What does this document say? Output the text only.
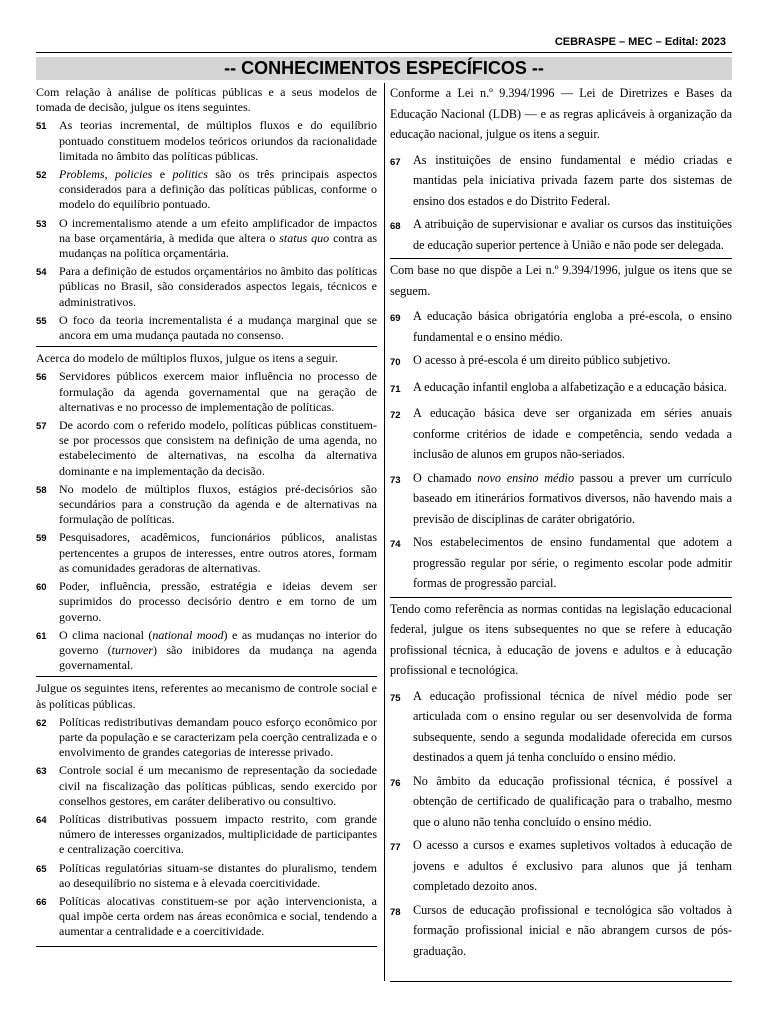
CEBRASPE – MEC – Edital: 2023
-- CONHECIMENTOS ESPECÍFICOS --
Com relação à análise de políticas públicas e a seus modelos de tomada de decisão, julgue os itens seguintes.
51	As teorias incremental, de múltiplos fluxos e do equilíbrio pontuado constituem modelos teóricos oriundos da racionalidade limitada no âmbito das políticas públicas.
52	Problems, policies e politics são os três principais aspectos considerados para a definição das políticas públicas, conforme o modelo do equilíbrio pontuado.
53	O incrementalismo atende a um efeito amplificador de impactos na base orçamentária, à medida que altera o status quo contra as mudanças na política orçamentária.
54	Para a definição de estudos orçamentários no âmbito das políticas públicas no Brasil, são considerados aspectos legais, técnicos e administrativos.
55	O foco da teoria incrementalista é a mudança marginal que se ancora em uma mudança pautada no consenso.
Acerca do modelo de múltiplos fluxos, julgue os itens a seguir.
56	Servidores públicos exercem maior influência no processo de formulação da agenda governamental que na geração de alternativas e no processo de implementação de políticas.
57	De acordo com o referido modelo, políticas públicas constituem-se por processos que consistem na definição de uma agenda, no estabelecimento de alternativas, na escolha da alternativa dominante e na implementação da decisão.
58	No modelo de múltiplos fluxos, estágios pré-decisórios são secundários para a construção da agenda e de alternativas na formulação de políticas.
59	Pesquisadores, acadêmicos, funcionários públicos, analistas pertencentes a grupos de interesses, entre outros atores, formam as comunidades geradoras de alternativas.
60	Poder, influência, pressão, estratégia e ideias devem ser suprimidos do processo decisório dentro e em torno de um governo.
61	O clima nacional (national mood) e as mudanças no interior do governo (turnover) são inibidores da mudança na agenda governamental.
Julgue os seguintes itens, referentes ao mecanismo de controle social e às políticas públicas.
62	Políticas redistributivas demandam pouco esforço econômico por parte da população e se caracterizam pela coerção centralizada e o envolvimento de grandes categorias de interesse privado.
63	Controle social é um mecanismo de representação da sociedade civil na fiscalização das políticas públicas, sendo exercido por conselhos gestores, em caráter deliberativo ou consultivo.
64	Políticas distributivas possuem impacto restrito, com grande número de interesses organizados, multiplicidade de participantes e centralização coercitiva.
65	Políticas regulatórias situam-se distantes do pluralismo, tendem ao desequilíbrio no sistema e à elevada coercitividade.
66	Políticas alocativas constituem-se por ação intervencionista, a qual impõe certa ordem nas áreas econômica e social, tendendo a aumentar a centralidade e a coercitividade.
Conforme a Lei n.º 9.394/1996 — Lei de Diretrizes e Bases da Educação Nacional (LDB) — e as regras aplicáveis à organização da educação nacional, julgue os itens a seguir.
67	As instituições de ensino fundamental e médio criadas e mantidas pela iniciativa privada fazem parte dos sistemas de ensino dos estados e do Distrito Federal.
68	A atribuição de supervisionar e avaliar os cursos das instituições de educação superior pertence à União e não pode ser delegada.
Com base no que dispõe a Lei n.º 9.394/1996, julgue os itens que se seguem.
69	A educação básica obrigatória engloba a pré-escola, o ensino fundamental e o ensino médio.
70	O acesso à pré-escola é um direito público subjetivo.
71	A educação infantil engloba a alfabetização e a educação básica.
72	A educação básica deve ser organizada em séries anuais conforme critérios de idade e competência, sendo vedada a inclusão de alunos em grupos não-seriados.
73	O chamado novo ensino médio passou a prever um currículo baseado em itinerários formativos diversos, não havendo mais a previsão de disciplinas de caráter obrigatório.
74	Nos estabelecimentos de ensino fundamental que adotem a progressão regular por série, o regimento escolar pode admitir formas de progressão parcial.
Tendo como referência as normas contidas na legislação educacional federal, julgue os itens subsequentes no que se refere à educação profissional técnica, à educação de jovens e adultos e à educação profissional e tecnológica.
75	A educação profissional técnica de nível médio pode ser articulada com o ensino regular ou ser desenvolvida de forma subsequente, sendo a segunda modalidade oferecida em cursos destinados a quem já tenha concluído o ensino médio.
76	No âmbito da educação profissional técnica, é possível a obtenção de certificado de qualificação para o trabalho, mesmo que o aluno não tenha concluído o ensino médio.
77	O acesso a cursos e exames supletivos voltados à educação de jovens e adultos é exclusivo para alunos que já tenham completado dezoito anos.
78	Cursos de educação profissional e tecnológica são voltados à formação profissional inicial e não abrangem cursos de pós-graduação.
